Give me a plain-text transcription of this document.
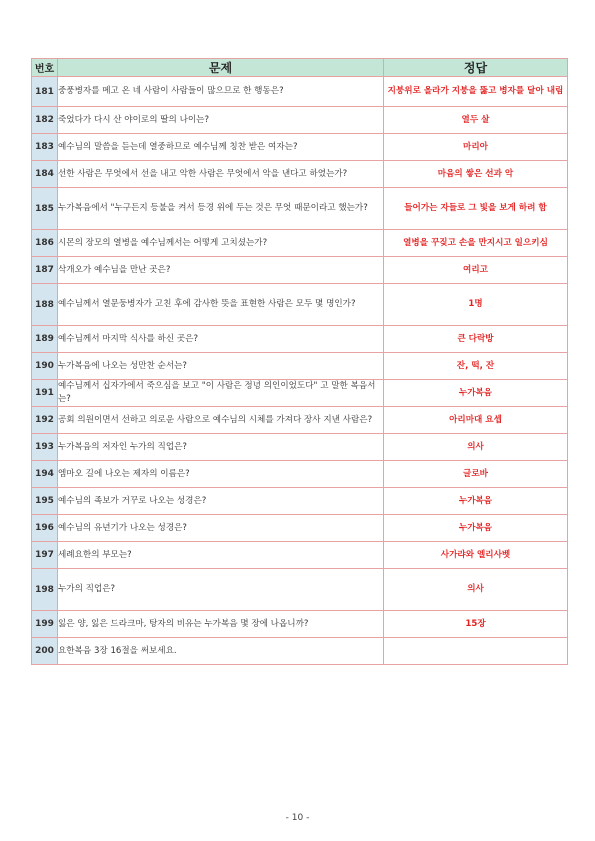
번호	문제	정답
181	중풍병자를 메고 온 네 사람이 사람들이 많으므로 한 행동은?	지붕위로 올라가 지붕을 뚫고 병자를 달아 내림
182	죽었다가 다시 산 야이로의 딸의 나이는?	열두 살
183	예수님의 말씀을 듣는데 열중하므로 예수님께 칭찬 받은 여자는?	마리아
184	선한 사람은 무엇에서 선을 내고 악한 사람은 무엇에서 악을 낸다고 하였는가?	마음의 쌓은 선과 악
185	누가복음에서 "누구든지 등불을 켜서 등경 위에 두는 것은 무엇 때문이라고 했는가?	들어가는 자들로 그 빛을 보게 하려 함
186	시몬의 장모의 열병을 예수님께서는 어떻게 고치셨는가?	열병을 꾸짖고 손을 만지시고 일으키심
187	삭개오가 예수님을 만난 곳은?	여리고
188	예수님께서 열문둥병자가 고친 후에 감사한 뜻을 표현한 사람은 모두 몇 명인가?	1명
189	예수님께서 마지막 식사를 하신 곳은?	큰 다락방
190	누가복음에 나오는 성만찬 순서는?	잔, 떡, 잔
191	예수님께서 십자가에서 죽으심을 보고 "이 사람은 정녕 의인이었도다" 고 말한 복음서는?	누가복음
192	공회 의원이면서 선하고 의로운 사람으로 예수님의 시체를 가져다 장사 지낸 사람은?	아리마대 요셉
193	누가복음의 저자인 누가의 직업은?	의사
194	엠마오 길에 나오는 제자의 이름은?	글로바
195	예수님의 족보가 거꾸로 나오는 성경은?	누가복음
196	예수님의 유년기가 나오는 성경은?	누가복음
197	세례요한의 부모는?	사가랴와 엘리사벳
198	누가의 직업은?	의사
199	잃은 양, 잃은 드라크마, 탕자의 비유는 누가복음 몇 장에 나옵니까?	15장
200	요한복음 3장 16절을 써보세요.	
- 10 -
